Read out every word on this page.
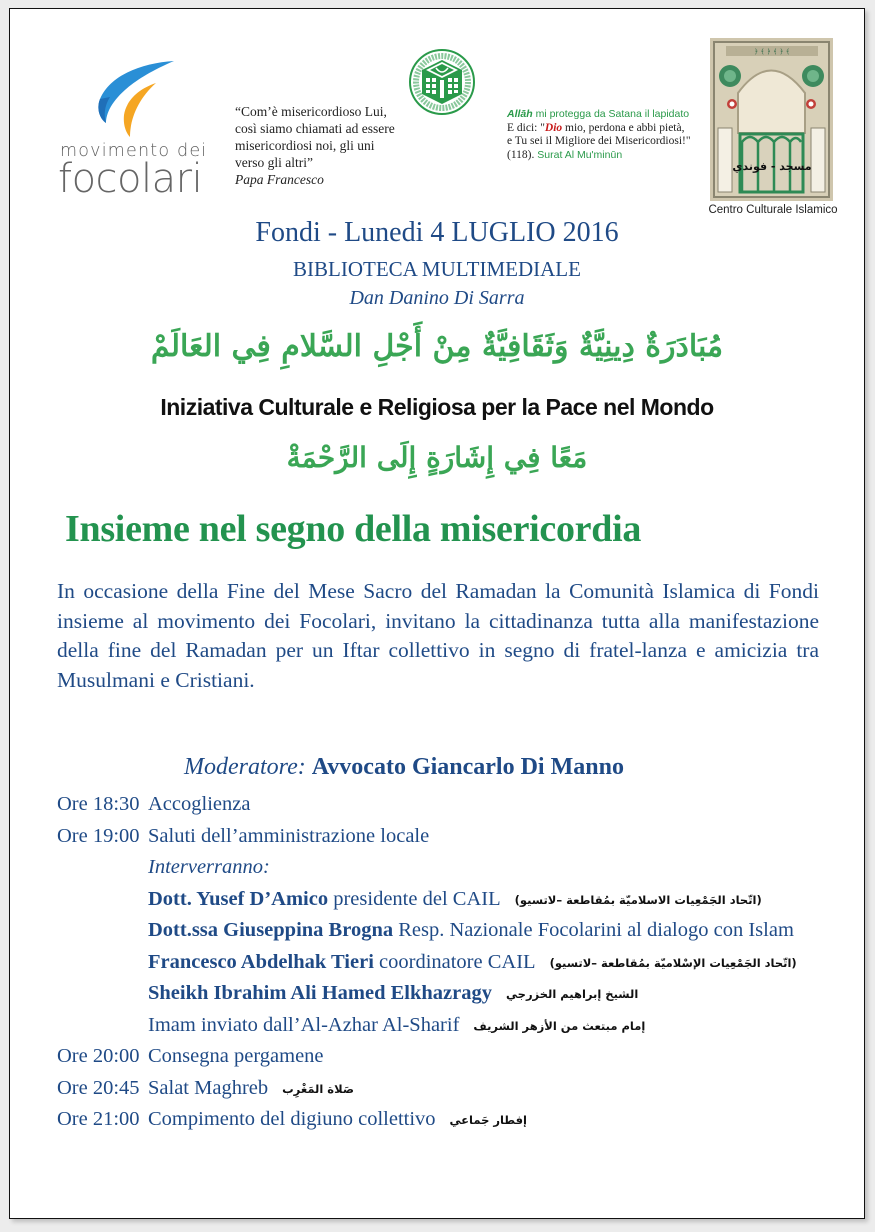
movimento dei
focolari
“Com’è misericordioso Lui,
così siamo chiamati ad essere
misericordiosi noi, gli uni
verso gli altri”
Papa Francesco
Allāh mi protegga da Satana il lapidato
E dici: "Dio mio, perdona e abbi pietà,
e Tu sei il Migliore dei Misericordiosi!"
(118). Surat Al Mu'minūn
﴿ ﴾ ﴿ ﴾ ﴿ ﴾
مسجد - فوندي
Centro Culturale Islamico
Fondi - Lunedi 4 LUGLIO 2016
BIBLIOTECA MULTIMEDIALE
Dan Danino Di Sarra
مُبَادَرَةٌ دِينِيَّةٌ وَثَقَافِيَّةٌ مِنْ أَجْلِ السَّلامِ فِي العَالَمْ
Iniziativa Culturale e Religiosa per la Pace nel Mondo
مَعًا فِي إِشَارَةٍ إِلَى الرَّحْمَةْ
Insieme nel segno della misericordia
In occasione della Fine del Mese Sacro del Ramadan la Comunità Islamica di Fondi insieme al movimento dei Focolari, invitano la cittadinanza tutta alla manifestazione della fine del Ramadan per un Iftar collettivo in segno di fratel-lanza e amicizia tra Musulmani e Cristiani.
Moderatore: Avvocato Giancarlo Di Manno
Ore 18:30 Accoglienza
Ore 19:00 Saluti dell’amministrazione locale
Interverranno:
Dott. Yusef D’Amico presidente del CAIL (اتّحاد الجَمْعِيات الاسلاميّة بمُقاطعة –لاتسيو)
Dott.ssa Giuseppina Brogna Resp. Nazionale Focolarini al dialogo con Islam
Francesco Abdelhak Tieri coordinatore CAIL (اتّحاد الجَمْعِيات الإسْلاميّة بمُقاطعة –لاتسيو)
Sheikh Ibrahim Ali Hamed Elkhazragy الشيخ إبراهيم الخزرجي
Imam inviato dall’Al-Azhar Al-Sharif إمام مبتعث من الأزهر الشريف
Ore 20:00 Consegna pergamene
Ore 20:45 Salat Maghreb صَلاة المَغْرِب
Ore 21:00 Compimento del digiuno collettivo إفطار جَماعي
